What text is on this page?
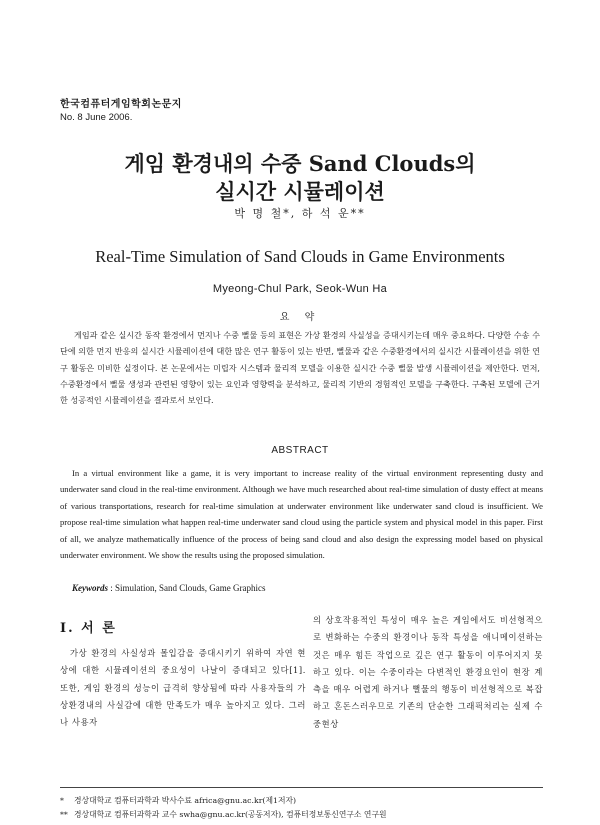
한국컴퓨터게임학회논문지
No. 8 June 2006.
게임 환경내의 수중 Sand Clouds의
실시간 시뮬레이션
박 명 철*, 하 석 운**
Real-Time Simulation of Sand Clouds in Game Environments
Myeong-Chul Park, Seok-Wun Ha
요 약
게임과 같은 실시간 동작 환경에서 먼지나 수중 뻘물 등의 표현은 가상 환경의 사실성을 증대시키는데 매우 중요하다. 다양한 수송 수단에 의한 먼지 반응의 실시간 시뮬레이션에 대한 많은 연구 활동이 있는 반면, 뻘물과 같은 수중환경에서의 실시간 시뮬레이션을 위한 연구 활동은 미비한 실정이다. 본 논문에서는 미립자 시스템과 물리적 모델을 이용한 실시간 수중 뻘물 발생 시뮬레이션을 제안한다. 먼저, 수중환경에서 뻘물 생성과 관련된 영향이 있는 요인과 영향력을 분석하고, 물리적 기반의 경험적인 모델을 구축한다. 구축된 모델에 근거한 성공적인 시뮬레이션을 결과로서 보인다.
ABSTRACT
In a virtual environment like a game, it is very important to increase reality of the virtual environment representing dusty and underwater sand cloud in the real-time environment. Although we have much researched about real-time simulation of dusty effect at means of various transportations, research for real-time simulation at underwater environment like underwater sand cloud is insufficient. We propose real-time simulation what happen real-time underwater sand cloud using the particle system and physical model in this paper. First of all, we analyze mathematically influence of the process of being sand cloud and also design the expressing model based on physical underwater environment. We show the results using the proposed simulation.
Keywords : Simulation, Sand Clouds, Game Graphics
Ⅰ. 서 론
가상 환경의 사실성과 몰입감을 증대시키기 위하여 자연 현상에 대한 시뮬레이션의 중요성이 나날이 증대되고 있다[1]. 또한, 게임 환경의 성능이 급격히 향상됨에 따라 사용자들의 가상환경내의 사실감에 대한 만족도가 매우 높아지고 있다. 그러나 사용자
의 상호작용적인 특성이 매우 높은 게임에서도 비선형적으로 변화하는 수중의 환경이나 동작 특성을 애니메이션하는 것은 매우 힘든 작업으로 깊은 연구 활동이 이루어지지 못하고 있다. 이는 수중이라는 다변적인 환경요인이 현장 계측을 매우 어렵게 하거나 뻘물의 행동이 비선형적으로 복잡하고 혼돈스러우므로 기존의 단순한 그래픽처리는 실제 수중현상
* 경상대학교 컴퓨터과학과 박사수료 africa@gnu.ac.kr(제1저자)
** 경상대학교 컴퓨터과학과 교수 swha@gnu.ac.kr(공동저자), 컴퓨터정보통신연구소 연구원
